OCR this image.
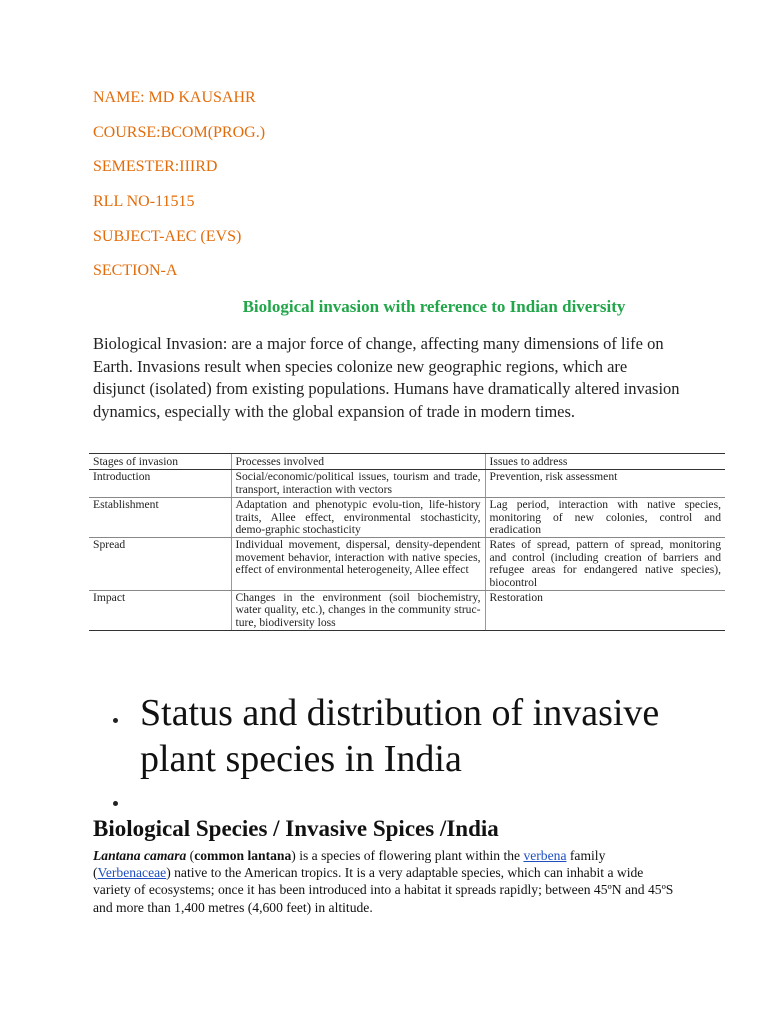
NAME: MD KAUSAHR
COURSE:BCOM(PROG.)
SEMESTER:IIIRD
RLL NO-11515
SUBJECT-AEC (EVS)
SECTION-A
Biological invasion with reference to Indian diversity

Biological Invasion: are a major force of change, affecting many dimensions of life on Earth. Invasions result when species colonize new geographic regions, which are disjunct (isolated) from existing populations. Humans have dramatically altered invasion dynamics, especially with the global expansion of trade in modern times.

Stages of invasion	Processes involved	Issues to address
Introduction	Social/economic/political issues, tourism and trade, transport, interaction with vectors	Prevention, risk assessment
Establishment	Adaptation and phenotypic evolu-tion, life-history traits, Allee effect, environmental stochasticity, demo-graphic stochasticity	Lag period, interaction with native species, monitoring of new colonies, control and eradication
Spread	Individual movement, dispersal, density-dependent movement behavior, interaction with native species, effect of environmental heterogeneity, Allee effect	Rates of spread, pattern of spread, monitoring and control (including creation of barriers and refugee areas for endangered native species), biocontrol
Impact	Changes in the environment (soil biochemistry, water quality, etc.), changes in the community struc-ture, biodiversity loss	Restoration
Status and distribution of invasive plant species in India
Biological Species / Invasive Spices /India

Lantana camara (common lantana) is a species of flowering plant within the verbena family (Verbenaceae) native to the American tropics. It is a very adaptable species, which can inhabit a wide variety of ecosystems; once it has been introduced into a habitat it spreads rapidly; between 45ºN and 45ºS and more than 1,400 metres (4,600 feet) in altitude.
